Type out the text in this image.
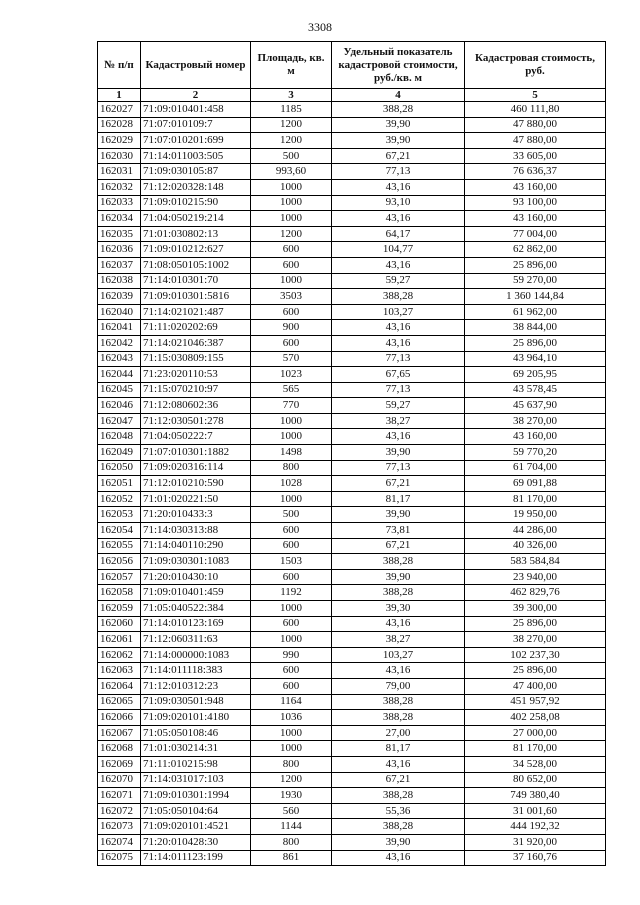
3308
№ п/п	Кадастровый номер	Площадь, кв. м	Удельный показатель кадастровой стоимости, руб./кв. м	Кадастровая стоимость, руб.
1	2	3	4	5
162027	71:09:010401:458	1185	388,28	460 111,80
162028	71:07:010109:7	1200	39,90	47 880,00
162029	71:07:010201:699	1200	39,90	47 880,00
162030	71:14:011003:505	500	67,21	33 605,00
162031	71:09:030105:87	993,60	77,13	76 636,37
162032	71:12:020328:148	1000	43,16	43 160,00
162033	71:09:010215:90	1000	93,10	93 100,00
162034	71:04:050219:214	1000	43,16	43 160,00
162035	71:01:030802:13	1200	64,17	77 004,00
162036	71:09:010212:627	600	104,77	62 862,00
162037	71:08:050105:1002	600	43,16	25 896,00
162038	71:14:010301:70	1000	59,27	59 270,00
162039	71:09:010301:5816	3503	388,28	1 360 144,84
162040	71:14:021021:487	600	103,27	61 962,00
162041	71:11:020202:69	900	43,16	38 844,00
162042	71:14:021046:387	600	43,16	25 896,00
162043	71:15:030809:155	570	77,13	43 964,10
162044	71:23:020110:53	1023	67,65	69 205,95
162045	71:15:070210:97	565	77,13	43 578,45
162046	71:12:080602:36	770	59,27	45 637,90
162047	71:12:030501:278	1000	38,27	38 270,00
162048	71:04:050222:7	1000	43,16	43 160,00
162049	71:07:010301:1882	1498	39,90	59 770,20
162050	71:09:020316:114	800	77,13	61 704,00
162051	71:12:010210:590	1028	67,21	69 091,88
162052	71:01:020221:50	1000	81,17	81 170,00
162053	71:20:010433:3	500	39,90	19 950,00
162054	71:14:030313:88	600	73,81	44 286,00
162055	71:14:040110:290	600	67,21	40 326,00
162056	71:09:030301:1083	1503	388,28	583 584,84
162057	71:20:010430:10	600	39,90	23 940,00
162058	71:09:010401:459	1192	388,28	462 829,76
162059	71:05:040522:384	1000	39,30	39 300,00
162060	71:14:010123:169	600	43,16	25 896,00
162061	71:12:060311:63	1000	38,27	38 270,00
162062	71:14:000000:1083	990	103,27	102 237,30
162063	71:14:011118:383	600	43,16	25 896,00
162064	71:12:010312:23	600	79,00	47 400,00
162065	71:09:030501:948	1164	388,28	451 957,92
162066	71:09:020101:4180	1036	388,28	402 258,08
162067	71:05:050108:46	1000	27,00	27 000,00
162068	71:01:030214:31	1000	81,17	81 170,00
162069	71:11:010215:98	800	43,16	34 528,00
162070	71:14:031017:103	1200	67,21	80 652,00
162071	71:09:010301:1994	1930	388,28	749 380,40
162072	71:05:050104:64	560	55,36	31 001,60
162073	71:09:020101:4521	1144	388,28	444 192,32
162074	71:20:010428:30	800	39,90	31 920,00
162075	71:14:011123:199	861	43,16	37 160,76
